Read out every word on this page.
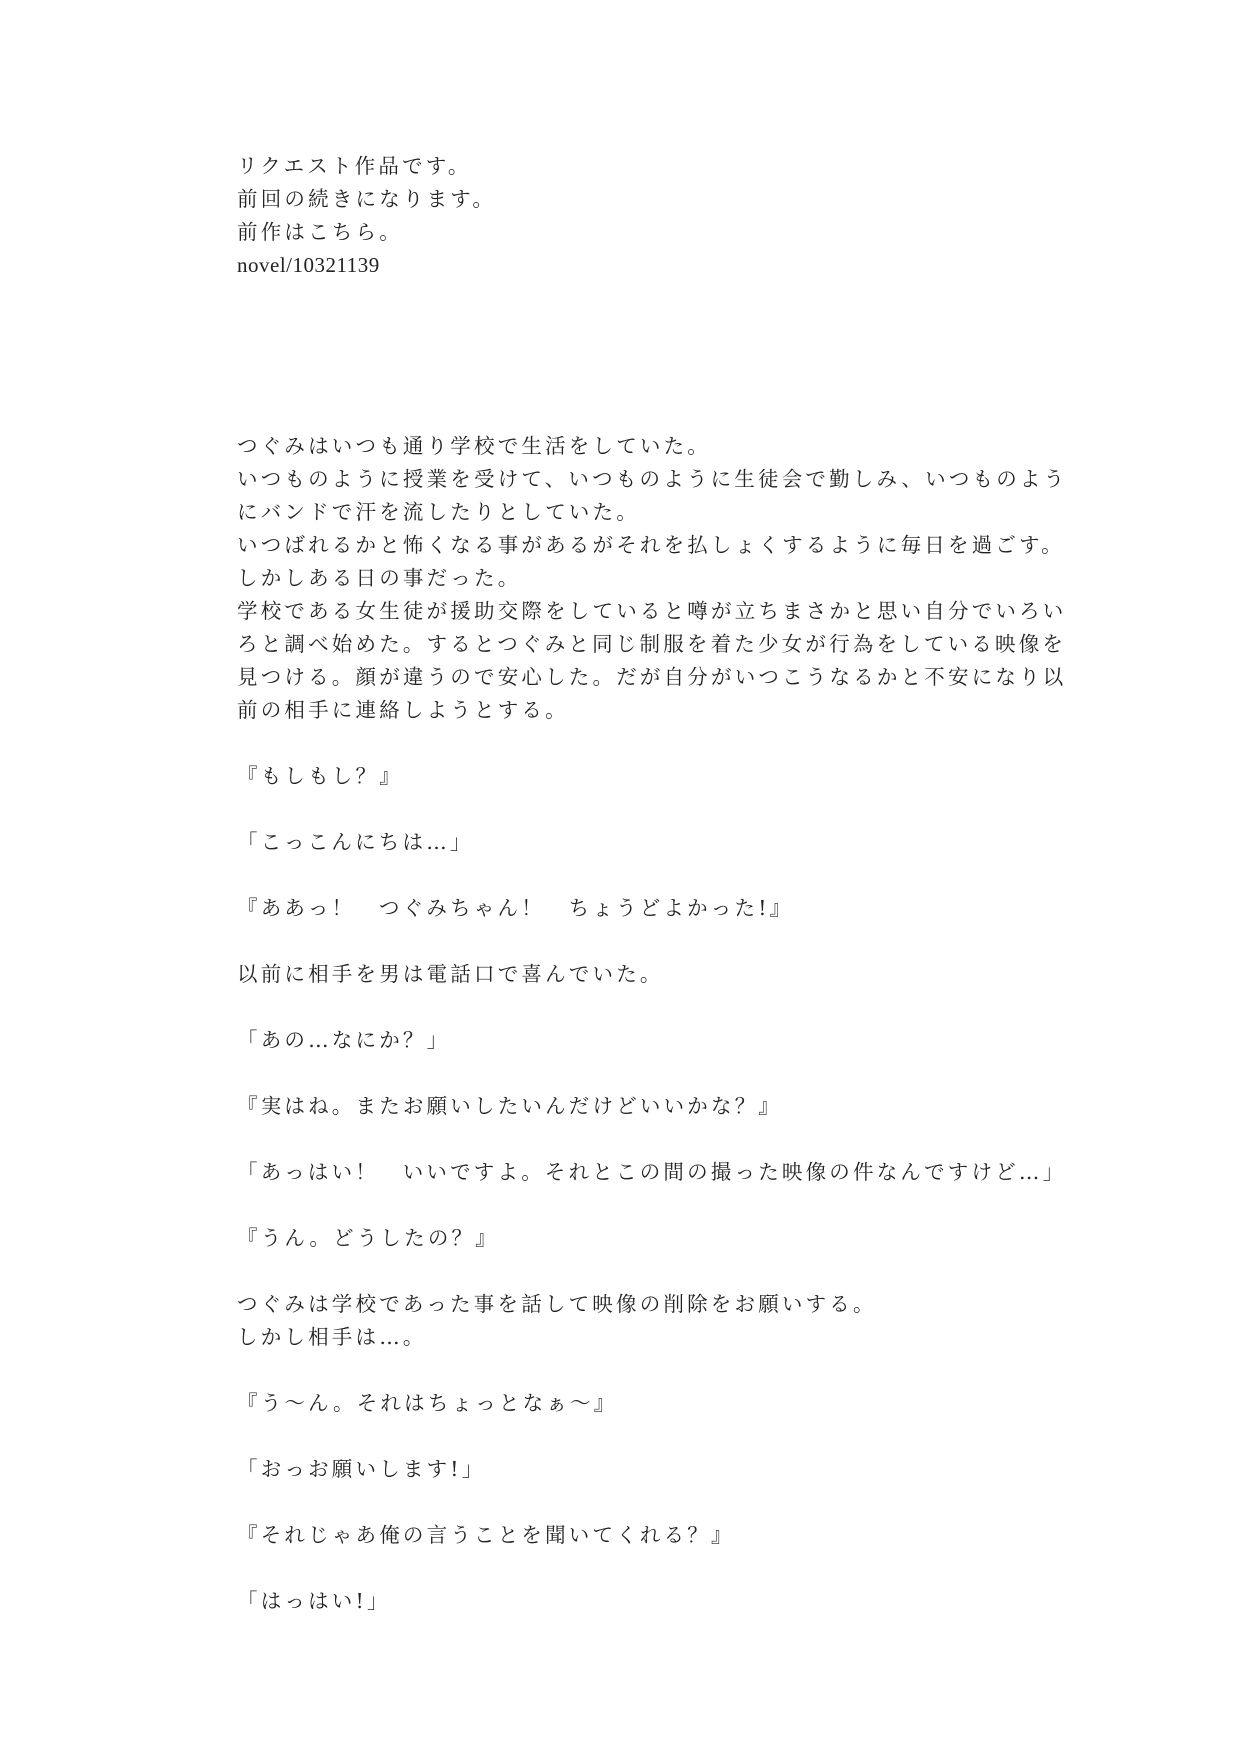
リクエスト作品です。
前回の続きになります。
前作はこちら。
novel/10321139
つぐみはいつも通り学校で生活をしていた。
いつものように授業を受けて、いつものように生徒会で勤しみ、いつものよう
にバンドで汗を流したりとしていた。
いつばれるかと怖くなる事があるがそれを払しょくするように毎日を過ごす。
しかしある日の事だった。
学校である女生徒が援助交際をしていると噂が立ちまさかと思い自分でいろい
ろと調べ始めた。するとつぐみと同じ制服を着た少女が行為をしている映像を
見つける。顔が違うので安心した。だが自分がいつこうなるかと不安になり以
前の相手に連絡しようとする。
『もしもし？』
「こっこんにちは…」
『ああっ！　つぐみちゃん！　ちょうどよかった!』
以前に相手を男は電話口で喜んでいた。
「あの…なにか？」
『実はね。またお願いしたいんだけどいいかな？』
「あっはい！　いいですよ。それとこの間の撮った映像の件なんですけど…」
『うん。どうしたの？』
つぐみは学校であった事を話して映像の削除をお願いする。
しかし相手は…。
『う～ん。それはちょっとなぁ～』
「おっお願いします!」
『それじゃあ俺の言うことを聞いてくれる？』
「はっはい!」
